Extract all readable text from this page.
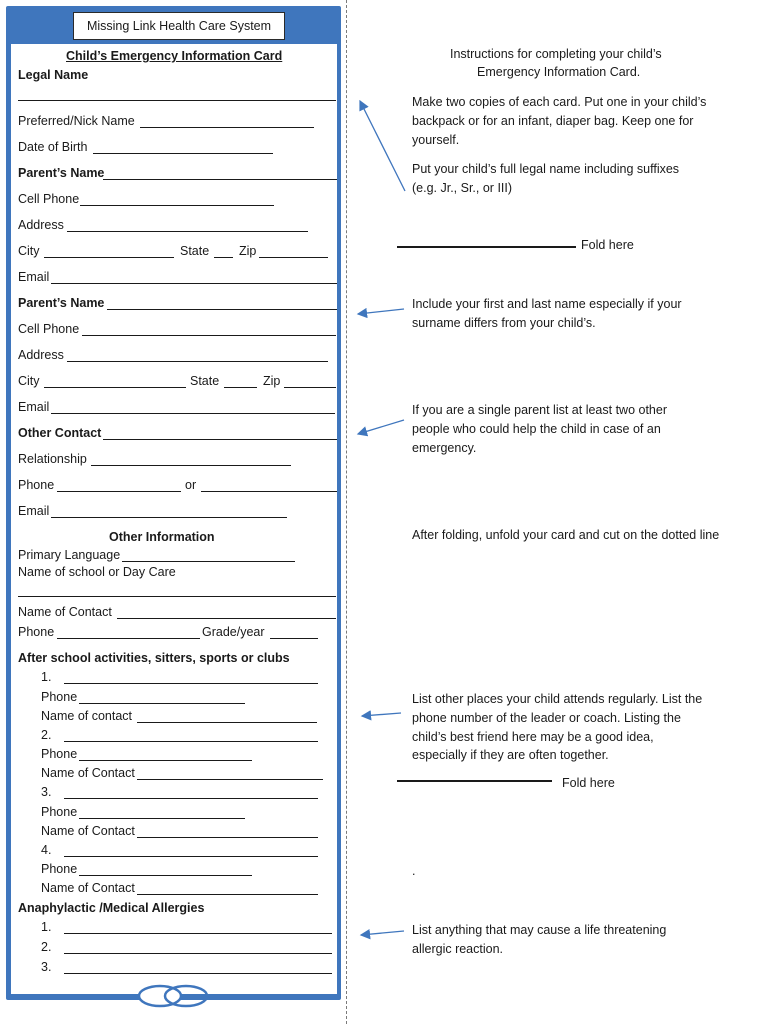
Missing Link Health Care System
Child’s Emergency Information Card
Legal Name
Preferred/Nick Name
Date of Birth
Parent’s Name
Cell Phone
Address
City	State Zip
Email
Parent’s Name
Cell Phone
Address
City	State	Zip
Email
Other Contact
Relationship
Phone	or
Email
Other Information
Primary Language
Name of school or Day Care
Name of Contact
Phone	Grade/year
After school activities, sitters, sports or clubs
1.
Phone
Name of contact
2.
Phone
Name of Contact
3.
Phone
Name of Contact
4.
Phone
Name of Contact
Anaphylactic /Medical Allergies
1.
2.
3.
Instructions for completing your child’s
Emergency Information Card.
Make two copies of each card. Put one in your child’s backpack or for an infant, diaper bag. Keep one for yourself.
Put your child’s full legal name including suffixes (e.g. Jr., Sr., or III)
Fold here
Include your first and last name especially if your surname differs from your child’s.
If you are a single parent list at least two other people who could help the child in case of an emergency.
After folding, unfold your card and cut on the dotted line
List other places your child attends regularly. List the phone number of the leader or coach. Listing the child’s best friend here may be a good idea, especially if they are often together.
Fold here
.
List anything that may cause a life threatening allergic reaction.
